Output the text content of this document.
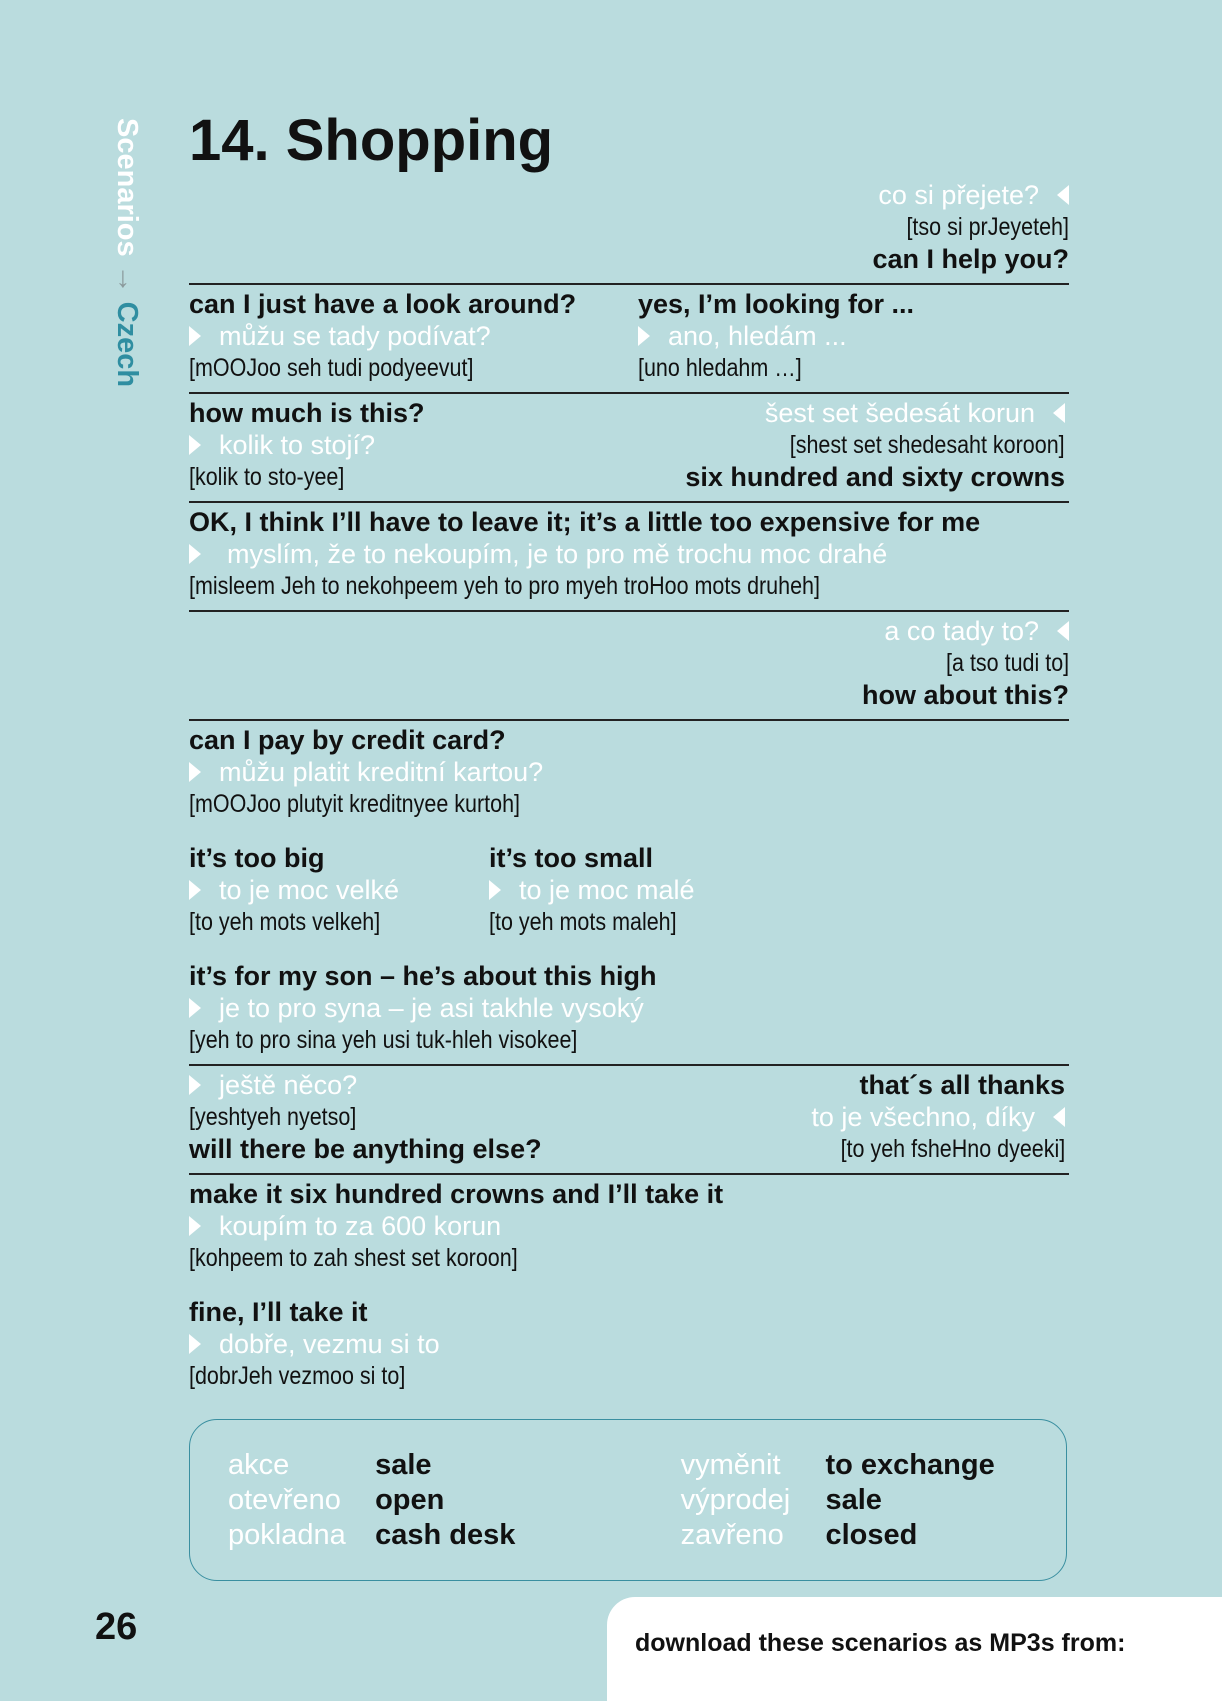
Scenarios→Czech
14. Shopping
co si přejete?
[tso si prJeyeteh]
can I help you?
can I just have a look around?
můžu se tady podívat?
[mOOJoo seh tudi podyeevut]
yes, I’m looking for ...
ano, hledám ...
[uno hledahm …]
how much is this?
kolik to stojí?
[kolik to sto-yee]
šest set šedesát korun
[shest set shedesaht koroon]
six hundred and sixty crowns
OK, I think I’ll have to leave it; it’s a little too expensive for me
myslím, že to nekoupím, je to pro mě trochu moc drahé
[misleem Jeh to nekohpeem yeh to pro myeh troHoo mots druheh]
a co tady to?
[a tso tudi to]
how about this?
can I pay by credit card?
můžu platit kreditní kartou?
[mOOJoo plutyit kreditnyee kurtoh]
it’s too big
to je moc velké
[to yeh mots velkeh]
it’s too small
to je moc malé
[to yeh mots maleh]
it’s for my son – he’s about this high
je to pro syna – je asi takhle vysoký
[yeh to pro sina yeh usi tuk-hleh visokee]
ještě něco?
[yeshtyeh nyetso]
will there be anything else?
that´s all thanks
to je všechno, díky
[to yeh fsheHno dyeeki]
make it six hundred crowns and I’ll take it
koupím to za 600 korun
[kohpeem to zah shest set koroon]
fine, I’ll take it
dobře, vezmu si to
[dobrJeh vezmoo si to]
akce	sale		vyměnit	to exchange
otevřeno	open		výprodej	sale
pokladna	cash desk		zavřeno	closed
26	download these scenarios as MP3s from:
